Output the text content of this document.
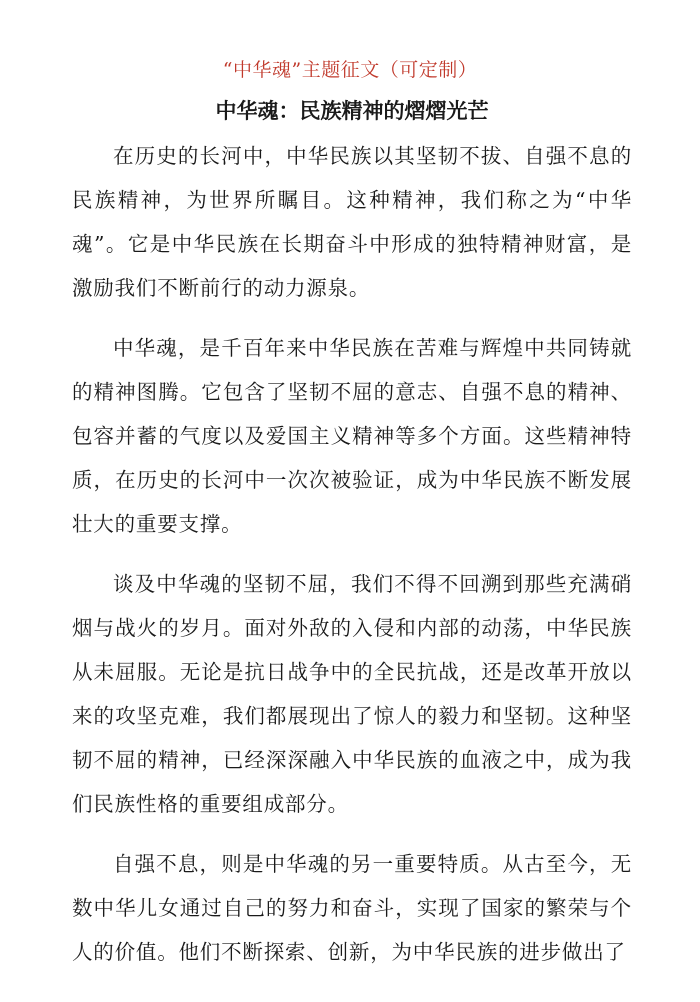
“中华魂”主题征文（可定制）
中华魂：民族精神的熠熠光芒

在历史的长河中，中华民族以其坚韧不拔、自强不息的民族精神，为世界所瞩目。这种精神，我们称之为“中华魂”。它是中华民族在长期奋斗中形成的独特精神财富，是激励我们不断前行的动力源泉。

中华魂，是千百年来中华民族在苦难与辉煌中共同铸就的精神图腾。它包含了坚韧不屈的意志、自强不息的精神、包容并蓄的气度以及爱国主义精神等多个方面。这些精神特质，在历史的长河中一次次被验证，成为中华民族不断发展壮大的重要支撑。

谈及中华魂的坚韧不屈，我们不得不回溯到那些充满硝烟与战火的岁月。面对外敌的入侵和内部的动荡，中华民族从未屈服。无论是抗日战争中的全民抗战，还是改革开放以来的攻坚克难，我们都展现出了惊人的毅力和坚韧。这种坚韧不屈的精神，已经深深融入中华民族的血液之中，成为我们民族性格的重要组成部分。

自强不息，则是中华魂的另一重要特质。从古至今，无数中华儿女通过自己的努力和奋斗，实现了国家的繁荣与个人的价值。他们不断探索、创新，为中华民族的进步做出了
